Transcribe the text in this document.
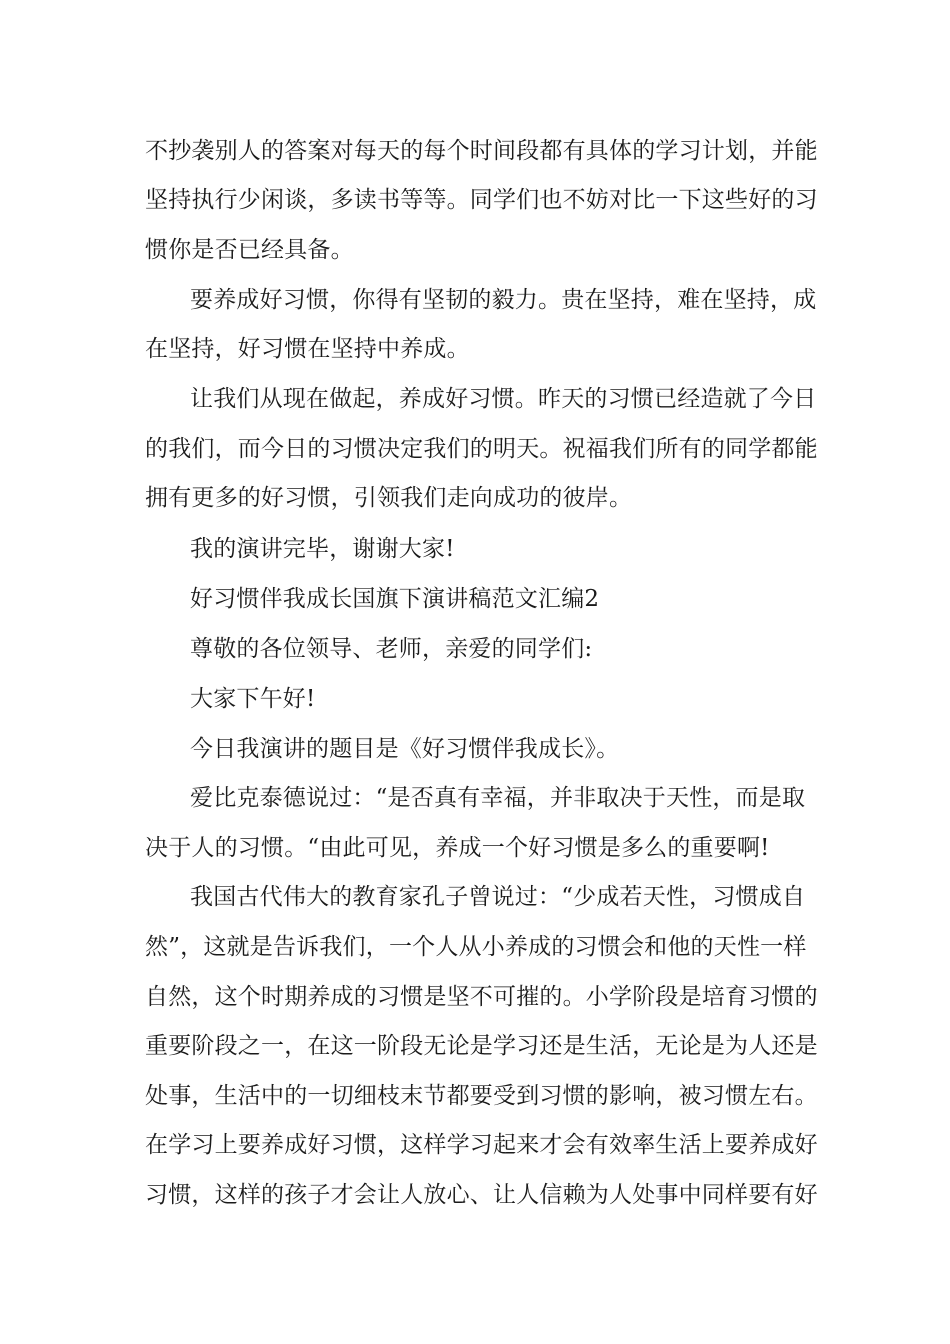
不抄袭别人的答案对每天的每个时间段都有具体的学习计划，并能
坚持执行少闲谈，多读书等等。同学们也不妨对比一下这些好的习
惯你是否已经具备。
要养成好习惯，你得有坚韧的毅力。贵在坚持，难在坚持，成
在坚持，好习惯在坚持中养成。
让我们从现在做起，养成好习惯。昨天的习惯已经造就了今日
的我们，而今日的习惯决定我们的明天。祝福我们所有的同学都能
拥有更多的好习惯，引领我们走向成功的彼岸。
我的演讲完毕，谢谢大家!
好习惯伴我成长国旗下演讲稿范文汇编2
尊敬的各位领导、老师，亲爱的同学们:
大家下午好!
今日我演讲的题目是《好习惯伴我成长》。
爱比克泰德说过：“是否真有幸福，并非取决于天性，而是取
决于人的习惯。“由此可见，养成一个好习惯是多么的重要啊!
我国古代伟大的教育家孔子曾说过：“少成若天性，习惯成自
然”，这就是告诉我们，一个人从小养成的习惯会和他的天性一样
自然，这个时期养成的习惯是坚不可摧的。小学阶段是培育习惯的
重要阶段之一，在这一阶段无论是学习还是生活，无论是为人还是
处事，生活中的一切细枝末节都要受到习惯的影响，被习惯左右。
在学习上要养成好习惯，这样学习起来才会有效率生活上要养成好
习惯，这样的孩子才会让人放心、让人信赖为人处事中同样要有好
